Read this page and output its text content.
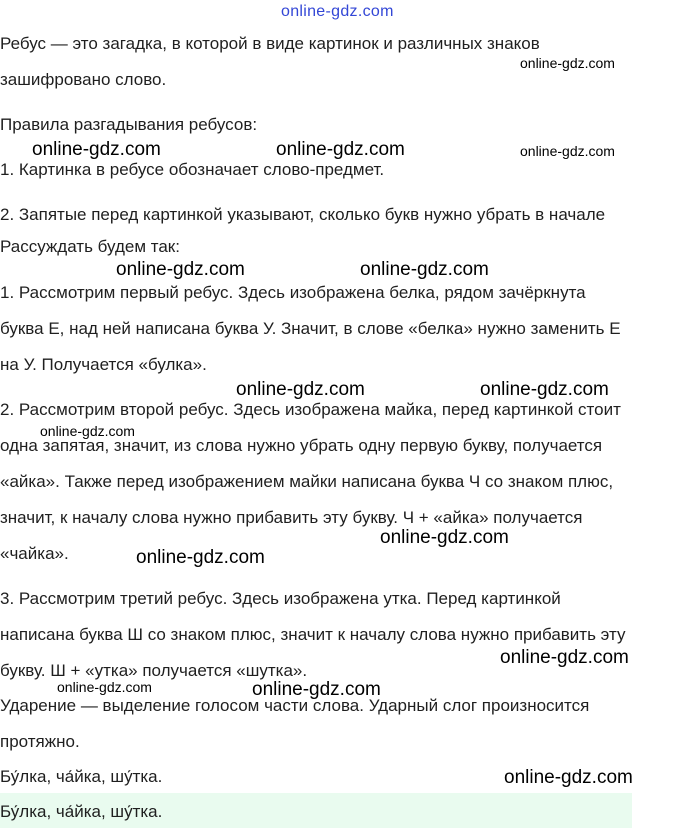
online-gdz.com
Ребус — это загадка, в которой в виде картинок и различных знаков
зашифровано слово.
Правила разгадывания ребусов:
1. Картинка в ребусе обозначает слово-предмет.
2. Запятые перед картинкой указывают, сколько букв нужно убрать в начале
Рассуждать будем так:
1. Рассмотрим первый ребус. Здесь изображена белка, рядом зачёркнута
буква Е, над ней написана буква У. Значит, в слове «белка» нужно заменить Е
на У. Получается «булка».
2. Рассмотрим второй ребус. Здесь изображена майка, перед картинкой стоит
одна запятая, значит, из слова нужно убрать одну первую букву, получается
«айка». Также перед изображением майки написана буква Ч со знаком плюс,
значит, к началу слова нужно прибавить эту букву. Ч + «айка» получается
«чайка».
3. Рассмотрим третий ребус. Здесь изображена утка. Перед картинкой
написана буква Ш со знаком плюс, значит к началу слова нужно прибавить эту
букву. Ш + «утка» получается «шутка».
Ударение — выделение голосом части слова. Ударный слог произносится
протяжно.
Бу́лка, ча́йка, шу́тка.
Бу́лка, ча́йка, шу́тка.
online-gdz.com
online-gdz.com	online-gdz.com	online-gdz.com
online-gdz.com	online-gdz.com
online-gdz.com	online-gdz.com
online-gdz.com
online-gdz.com
online-gdz.com
online-gdz.com
online-gdz.com	online-gdz.com
online-gdz.com
